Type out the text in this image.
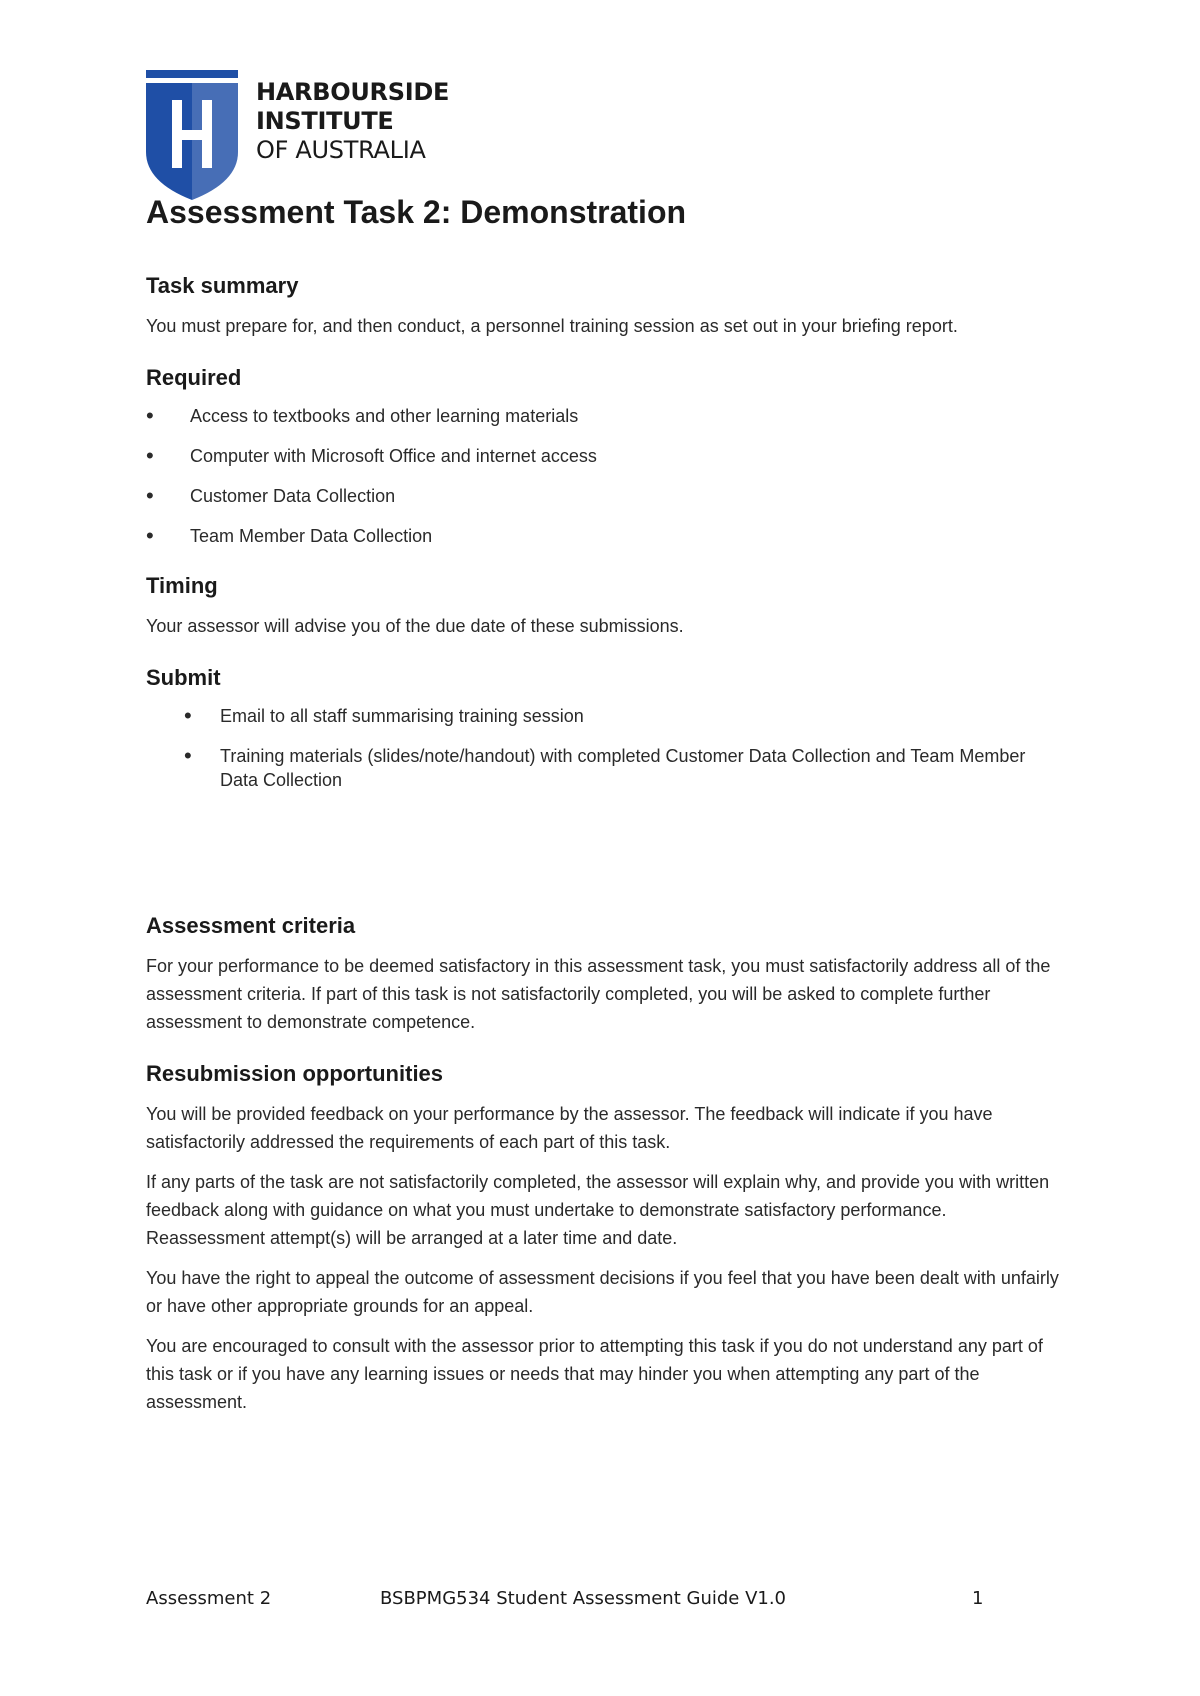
HARBOURSIDE
INSTITUTE
OF AUSTRALIA
Assessment Task 2: Demonstration
Task summary

You must prepare for, and then conduct, a personnel training session as set out in your briefing report.

Required
• Access to textbooks and other learning materials
• Computer with Microsoft Office and internet access
• Customer Data Collection
• Team Member Data Collection
Timing

Your assessor will advise you of the due date of these submissions.

Submit
• Email to all staff summarising training session
• Training materials (slides/note/handout) with completed Customer Data Collection and Team Member Data Collection
Assessment criteria

For your performance to be deemed satisfactory in this assessment task, you must satisfactorily address all of the assessment criteria. If part of this task is not satisfactorily completed, you will be asked to complete further assessment to demonstrate competence.

Resubmission opportunities

You will be provided feedback on your performance by the assessor. The feedback will indicate if you have satisfactorily addressed the requirements of each part of this task.

If any parts of the task are not satisfactorily completed, the assessor will explain why, and provide you with written feedback along with guidance on what you must undertake to demonstrate satisfactory performance. Reassessment attempt(s) will be arranged at a later time and date.

You have the right to appeal the outcome of assessment decisions if you feel that you have been dealt with unfairly or have other appropriate grounds for an appeal.

You are encouraged to consult with the assessor prior to attempting this task if you do not understand any part of this task or if you have any learning issues or needs that may hinder you when attempting any part of the assessment.

Assessment 2	BSBPMG534 Student Assessment Guide V1.0	1
